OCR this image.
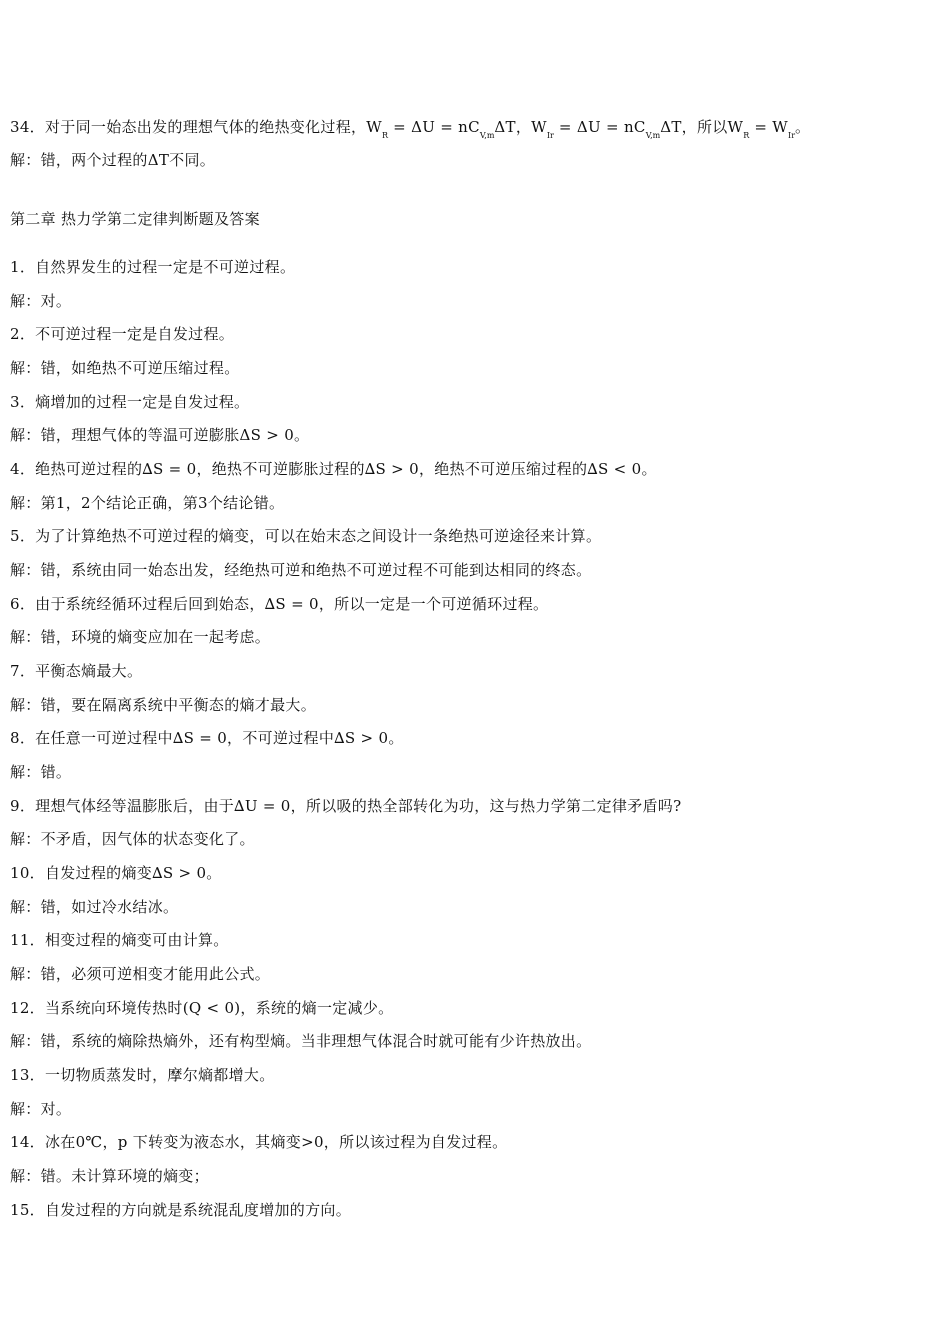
34．对于同一始态出发的理想气体的绝热变化过程，$W_R = \Delta U = nC_{V,m}\Delta T$，$W_{Ir} = \Delta U = nC_{V,m}\Delta T$，所以$W_R = W_{Ir}$。
解：错，两个过程的ΔT不同。
第二章 热力学第二定律判断题及答案
1．自然界发生的过程一定是不可逆过程。
解：对。
2．不可逆过程一定是自发过程。
解：错，如绝热不可逆压缩过程。
3．熵增加的过程一定是自发过程。
解：错，理想气体的等温可逆膨胀ΔS > 0。
4．绝热可逆过程的∆S = 0，绝热不可逆膨胀过程的∆S > 0，绝热不可逆压缩过程的∆S < 0。
解：第1，2个结论正确，第3个结论错。
5．为了计算绝热不可逆过程的熵变，可以在始末态之间设计一条绝热可逆途径来计算。
解：错，系统由同一始态出发，经绝热可逆和绝热不可逆过程不可能到达相同的终态。
6．由于系统经循环过程后回到始态，∆S = 0，所以一定是一个可逆循环过程。
解：错，环境的熵变应加在一起考虑。
7．平衡态熵最大。
解：错，要在隔离系统中平衡态的熵才最大。
8．在任意一可逆过程中∆S = 0，不可逆过程中∆S > 0。
解：错。
9．理想气体经等温膨胀后，由于∆U = 0，所以吸的热全部转化为功，这与热力学第二定律矛盾吗?
解：不矛盾，因气体的状态变化了。
10．自发过程的熵变∆S > 0。
解：错，如过冷水结冰。
11．相变过程的熵变可由计算。
解：错，必须可逆相变才能用此公式。
12．当系统向环境传热时(Q < 0)，系统的熵一定减少。
解：错，系统的熵除热熵外，还有构型熵。当非理想气体混合时就可能有少许热放出。
13．一切物质蒸发时，摩尔熵都增大。
解：对。
14．冰在0℃，p 下转变为液态水，其熵变>0，所以该过程为自发过程。
解：错。未计算环境的熵变；
15．自发过程的方向就是系统混乱度增加的方向。
